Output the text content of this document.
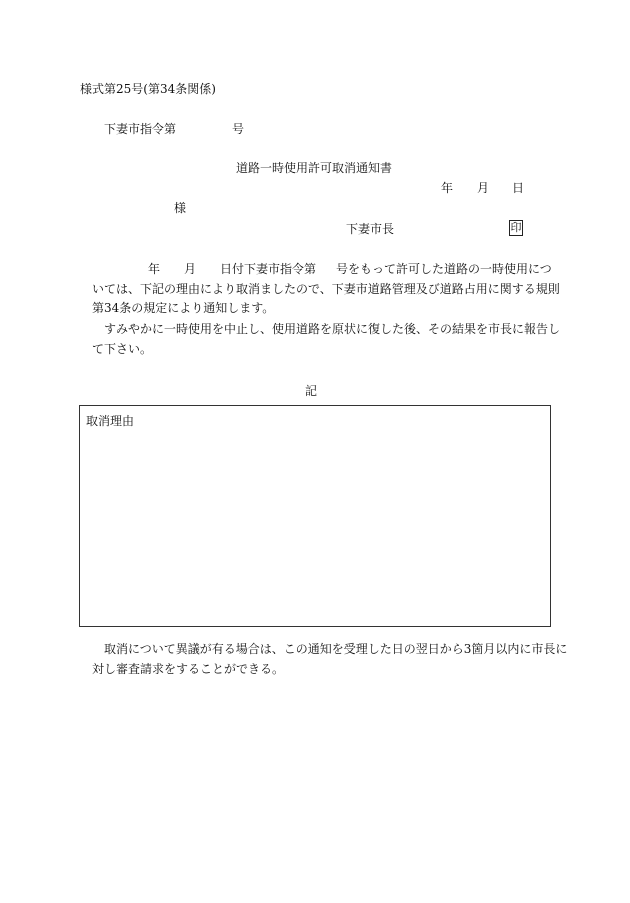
様式第25号(第34条関係)
下妻市指令第	号
道路一時使用許可取消通知書
年 月 日
様
下妻市長	印
年 月 日付下妻市指令第 号をもって許可した道路の一時使用につ
いては、下記の理由により取消ましたので、下妻市道路管理及び道路占用に関する規則
第34条の規定により通知します。
すみやかに一時使用を中止し、使用道路を原状に復した後、その結果を市長に報告し
て下さい。
記
取消理由
取消について異議が有る場合は、この通知を受理した日の翌日から3箇月以内に市長に
対し審査請求をすることができる。
